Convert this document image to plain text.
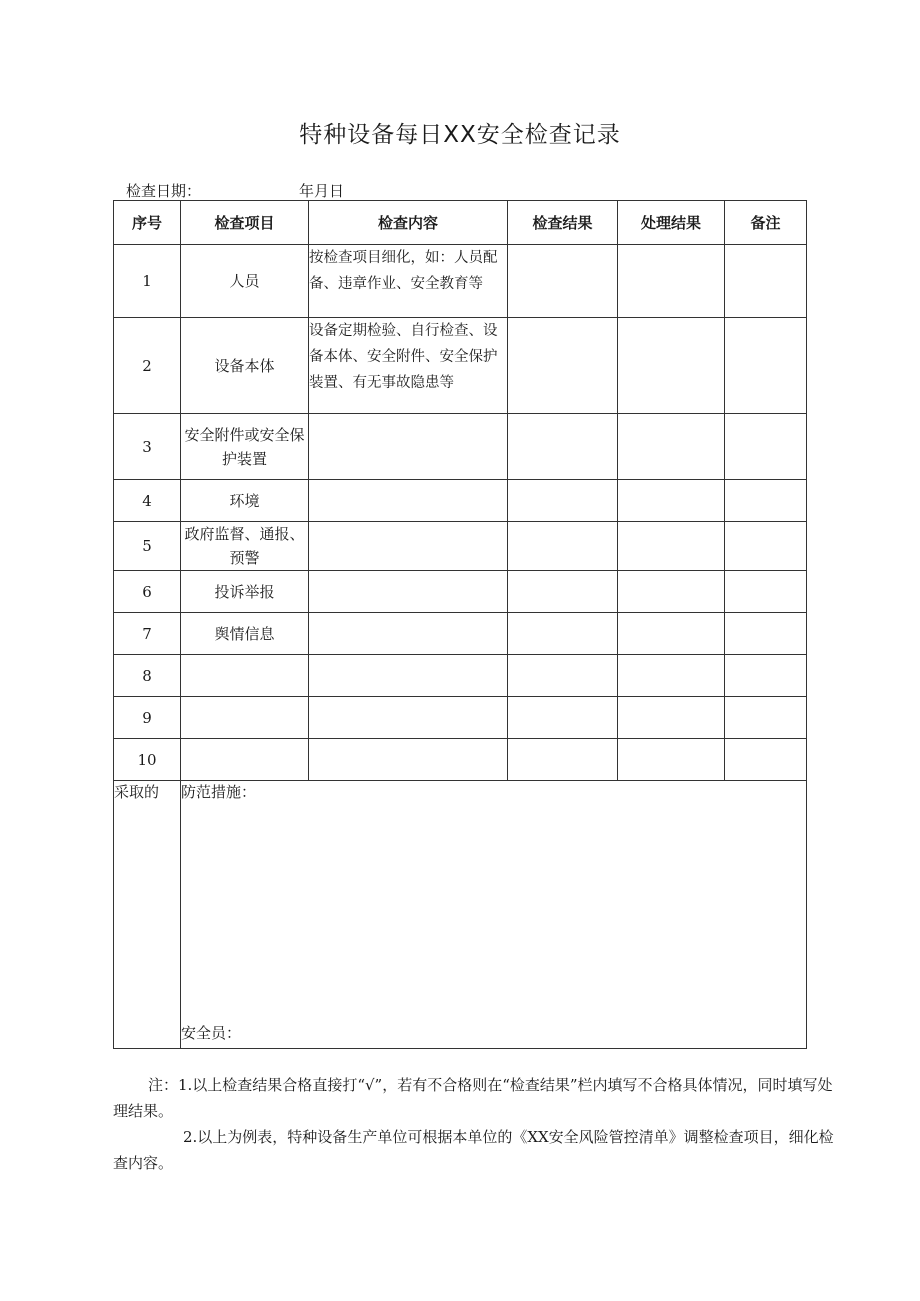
特种设备每日XX安全检查记录
检查日期：	年月日
序号	检查项目	检查内容	检查结果	处理结果	备注
1	人员	按检查项目细化，如：人员配备、违章作业、安全教育等			
2	设备本体	设备定期检验、自行检查、设备本体、安全附件、安全保护装置、有无事故隐患等			
3	安全附件或安全保护装置				
4	环境				
5	政府监督、通报、预警				
6	投诉举报				
7	舆情信息				
8					
9					
10					
采取的	防范措施：
安全员：				

注：1.以上检查结果合格直接打“√”，若有不合格则在“检查结果”栏内填写不合格具体情况，同时填写处理结果。

2.以上为例表，特种设备生产单位可根据本单位的《XX安全风险管控清单》调整检查项目，细化检查内容。
